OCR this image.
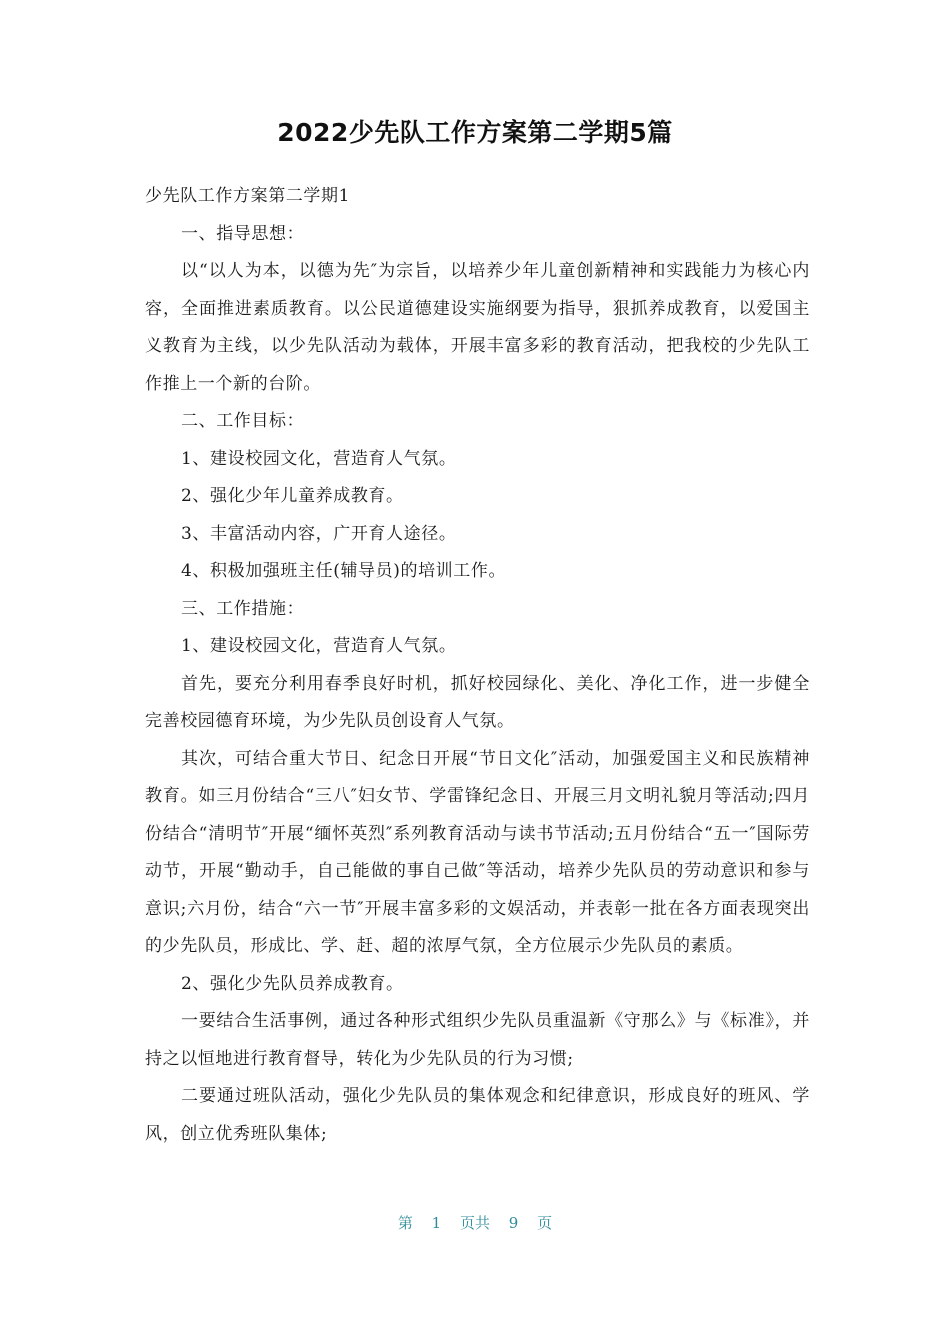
2022少先队工作方案第二学期5篇

少先队工作方案第二学期1

一、指导思想：

以“以人为本，以德为先″为宗旨，以培养少年儿童创新精神和实践能力为核心内容，全面推进素质教育。以公民道德建设实施纲要为指导，狠抓养成教育，以爱国主义教育为主线，以少先队活动为载体，开展丰富多彩的教育活动，把我校的少先队工作推上一个新的台阶。

二、工作目标：

1、建设校园文化，营造育人气氛。

2、强化少年儿童养成教育。

3、丰富活动内容，广开育人途径。

4、积极加强班主任(辅导员)的培训工作。

三、工作措施：

1、建设校园文化，营造育人气氛。

首先，要充分利用春季良好时机，抓好校园绿化、美化、净化工作，进一步健全完善校园德育环境，为少先队员创设育人气氛。

其次，可结合重大节日、纪念日开展“节日文化″活动，加强爱国主义和民族精神教育。如三月份结合“三八″妇女节、学雷锋纪念日、开展三月文明礼貌月等活动;四月份结合“清明节″开展“缅怀英烈″系列教育活动与读书节活动;五月份结合“五一″国际劳动节，开展“勤动手，自己能做的事自己做″等活动，培养少先队员的劳动意识和参与意识;六月份，结合“六一节″开展丰富多彩的文娱活动，并表彰一批在各方面表现突出的少先队员，形成比、学、赶、超的浓厚气氛，全方位展示少先队员的素质。

2、强化少先队员养成教育。

一要结合生活事例，通过各种形式组织少先队员重温新《守那么》与《标准》，并持之以恒地进行教育督导，转化为少先队员的行为习惯;

二要通过班队活动，强化少先队员的集体观念和纪律意识，形成良好的班风、学风，创立优秀班队集体;

第 1 页共 9 页
